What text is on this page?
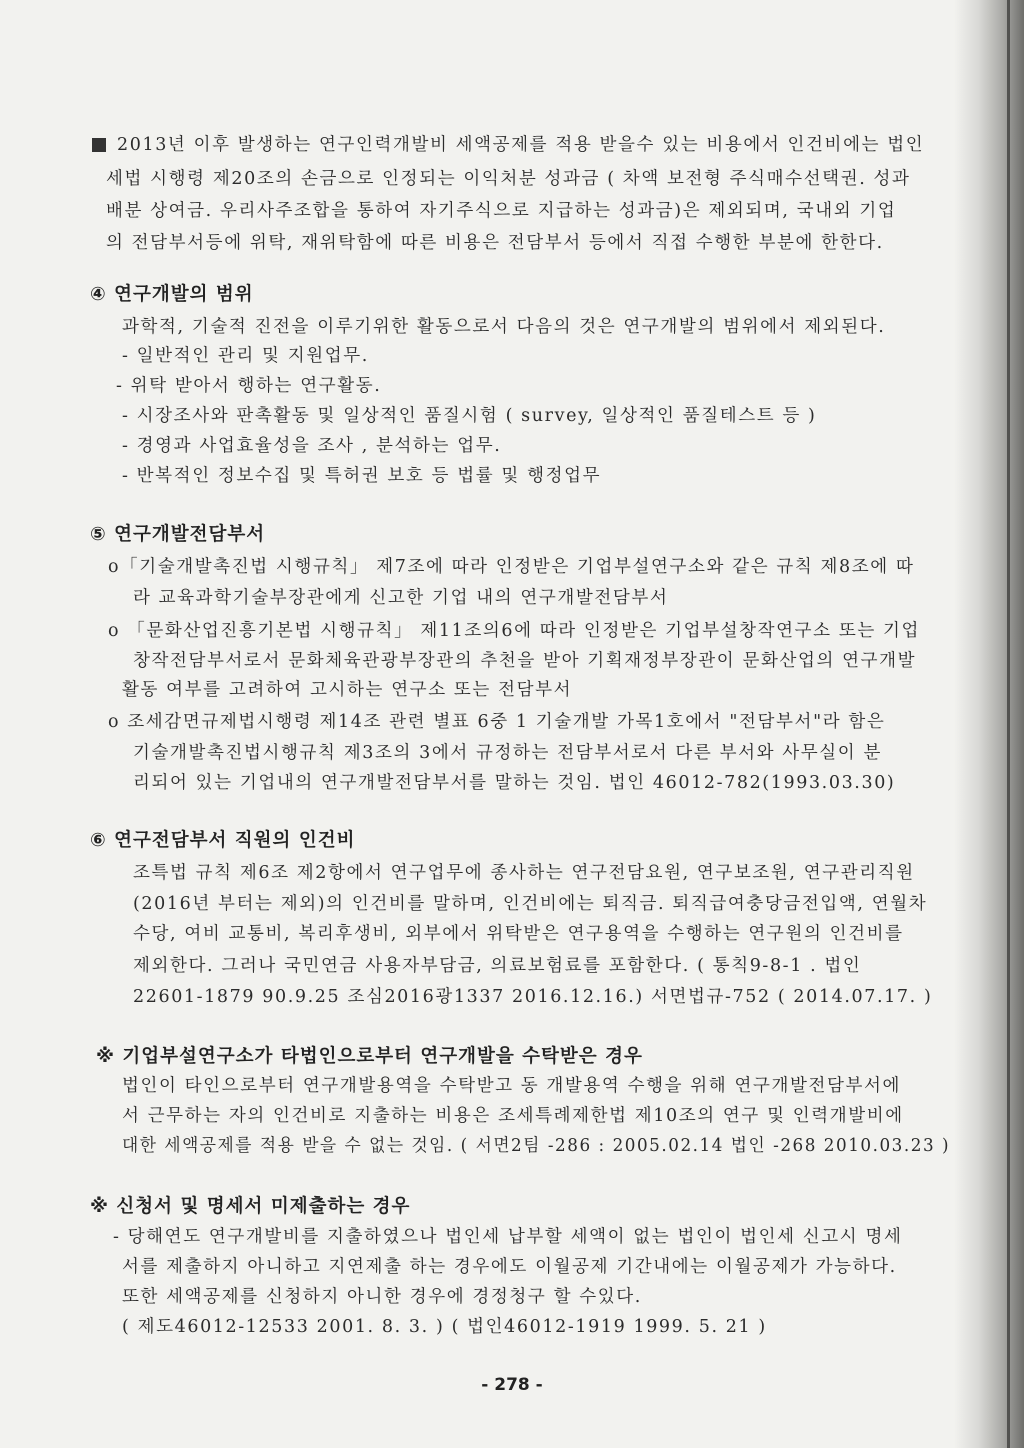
2013년 이후 발생하는 연구인력개발비 세액공제를 적용 받을수 있는 비용에서 인건비에는 법인
세법 시행령 제20조의 손금으로 인정되는 이익처분 성과금 ( 차액 보전형 주식매수선택권. 성과
배분 상여금. 우리사주조합을 통하여 자기주식으로 지급하는 성과금)은 제외되며, 국내외 기업
의 전담부서등에 위탁, 재위탁함에 따른 비용은 전담부서 등에서 직접 수행한 부분에 한한다.
④ 연구개발의 범위
과학적, 기술적 진전을 이루기위한 활동으로서 다음의 것은 연구개발의 범위에서 제외된다.
- 일반적인 관리 및 지원업무.
- 위탁 받아서 행하는 연구활동.
- 시장조사와 판촉활동 및 일상적인 품질시험 ( survey, 일상적인 품질테스트 등 )
- 경영과 사업효율성을 조사 , 분석하는 업무.
- 반복적인 정보수집 및 특허권 보호 등 법률 및 행정업무
⑤ 연구개발전담부서
o「기술개발촉진법 시행규칙」 제7조에 따라 인정받은 기업부설연구소와 같은 규칙 제8조에 따
라 교육과학기술부장관에게 신고한 기업 내의 연구개발전담부서
o 「문화산업진흥기본법 시행규칙」 제11조의6에 따라 인정받은 기업부설창작연구소 또는 기업
창작전담부서로서 문화체육관광부장관의 추천을 받아 기획재정부장관이 문화산업의 연구개발
활동 여부를 고려하여 고시하는 연구소 또는 전담부서
o 조세감면규제법시행령 제14조 관련 별표 6중 1 기술개발 가목1호에서 "전담부서"라 함은
기술개발촉진법시행규칙 제3조의 3에서 규정하는 전담부서로서 다른 부서와 사무실이 분
리되어 있는 기업내의 연구개발전담부서를 말하는 것임. 법인 46012-782(1993.03.30)
⑥ 연구전담부서 직원의 인건비
조특법 규칙 제6조 제2항에서 연구업무에 종사하는 연구전담요원, 연구보조원, 연구관리직원
(2016년 부터는 제외)의 인건비를 말하며, 인건비에는 퇴직금. 퇴직급여충당금전입액, 연월차
수당, 여비 교통비, 복리후생비, 외부에서 위탁받은 연구용역을 수행하는 연구원의 인건비를
제외한다. 그러나 국민연금 사용자부담금, 의료보험료를 포함한다. ( 통칙9-8-1 . 법인
22601-1879 90.9.25 조심2016광1337 2016.12.16.) 서면법규-752 ( 2014.07.17. )
※ 기업부설연구소가 타법인으로부터 연구개발을 수탁받은 경우
법인이 타인으로부터 연구개발용역을 수탁받고 동 개발용역 수행을 위해 연구개발전담부서에
서 근무하는 자의 인건비로 지출하는 비용은 조세특례제한법 제10조의 연구 및 인력개발비에
대한 세액공제를 적용 받을 수 없는 것임. ( 서면2팀 -286 : 2005.02.14 법인 -268 2010.03.23 )
※ 신청서 및 명세서 미제출하는 경우
- 당해연도 연구개발비를 지출하였으나 법인세 납부할 세액이 없는 법인이 법인세 신고시 명세
서를 제출하지 아니하고 지연제출 하는 경우에도 이월공제 기간내에는 이월공제가 가능하다.
또한 세액공제를 신청하지 아니한 경우에 경정청구 할 수있다.
( 제도46012-12533 2001. 8. 3. ) ( 법인46012-1919 1999. 5. 21 )
- 278 -
